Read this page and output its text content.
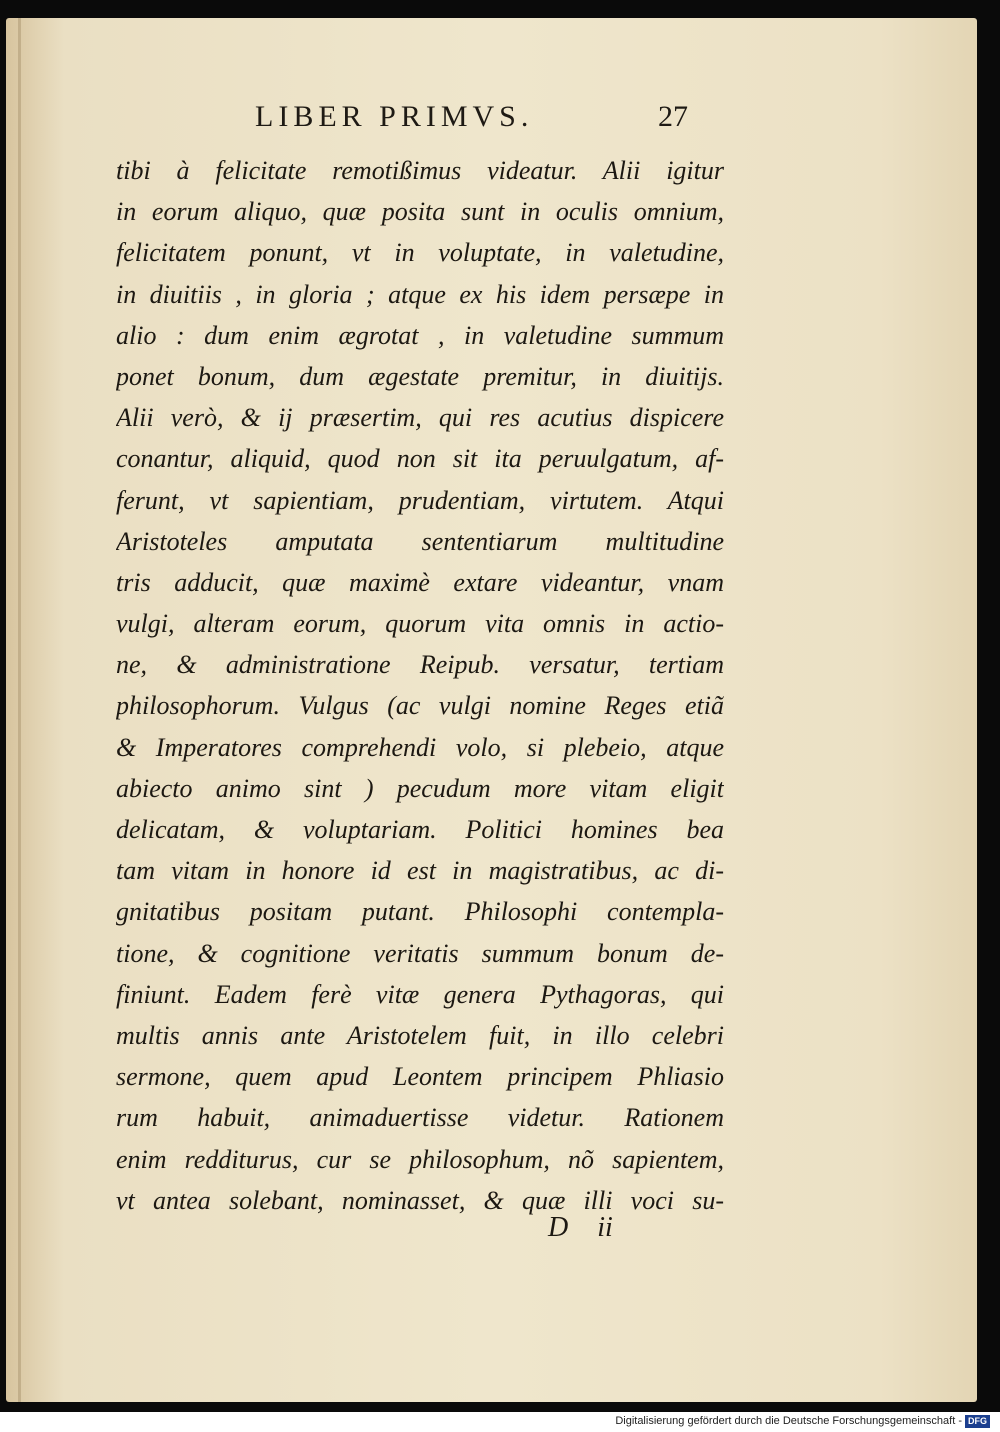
LIBER PRIMVS.	27
tibi à felicitate remotißimus videatur. Alii igitur
in eorum aliquo, quæ posita sunt in oculis omnium,
felicitatem ponunt, vt in voluptate, in valetudine,
in diuitiis , in gloria ; atque ex his idem persæpe in
alio : dum enim ægrotat , in valetudine summum
ponet bonum, dum ægestate premitur, in diuitijs.
Alii verò, & ij præsertim, qui res acutius dispicere
conantur, aliquid, quod non sit ita peruulgatum, af-
ferunt, vt sapientiam, prudentiam, virtutem. Atqui
Aristoteles amputata sententiarum multitudine
tris adducit, quæ maximè extare videantur, vnam
vulgi, alteram eorum, quorum vita omnis in actio-
ne, & administratione Reipub. versatur, tertiam
philosophorum. Vulgus (ac vulgi nomine Reges etiã
& Imperatores comprehendi volo, si plebeio, atque
abiecto animo sint ) pecudum more vitam eligit
delicatam, & voluptariam. Politici homines bea
tam vitam in honore id est in magistratibus, ac di-
gnitatibus positam putant. Philosophi contempla-
tione, & cognitione veritatis summum bonum de-
finiunt. Eadem ferè vitæ genera Pythagoras, qui
multis annis ante Aristotelem fuit, in illo celebri
sermone, quem apud Leontem principem Phliasio
rum habuit, animaduertisse videtur. Rationem
enim redditurus, cur se philosophum, nõ sapientem,
vt antea solebant, nominasset, & quæ illi voci su-
D ii
Digitalisierung gefördert durch die Deutsche Forschungsgemeinschaft - DFG
